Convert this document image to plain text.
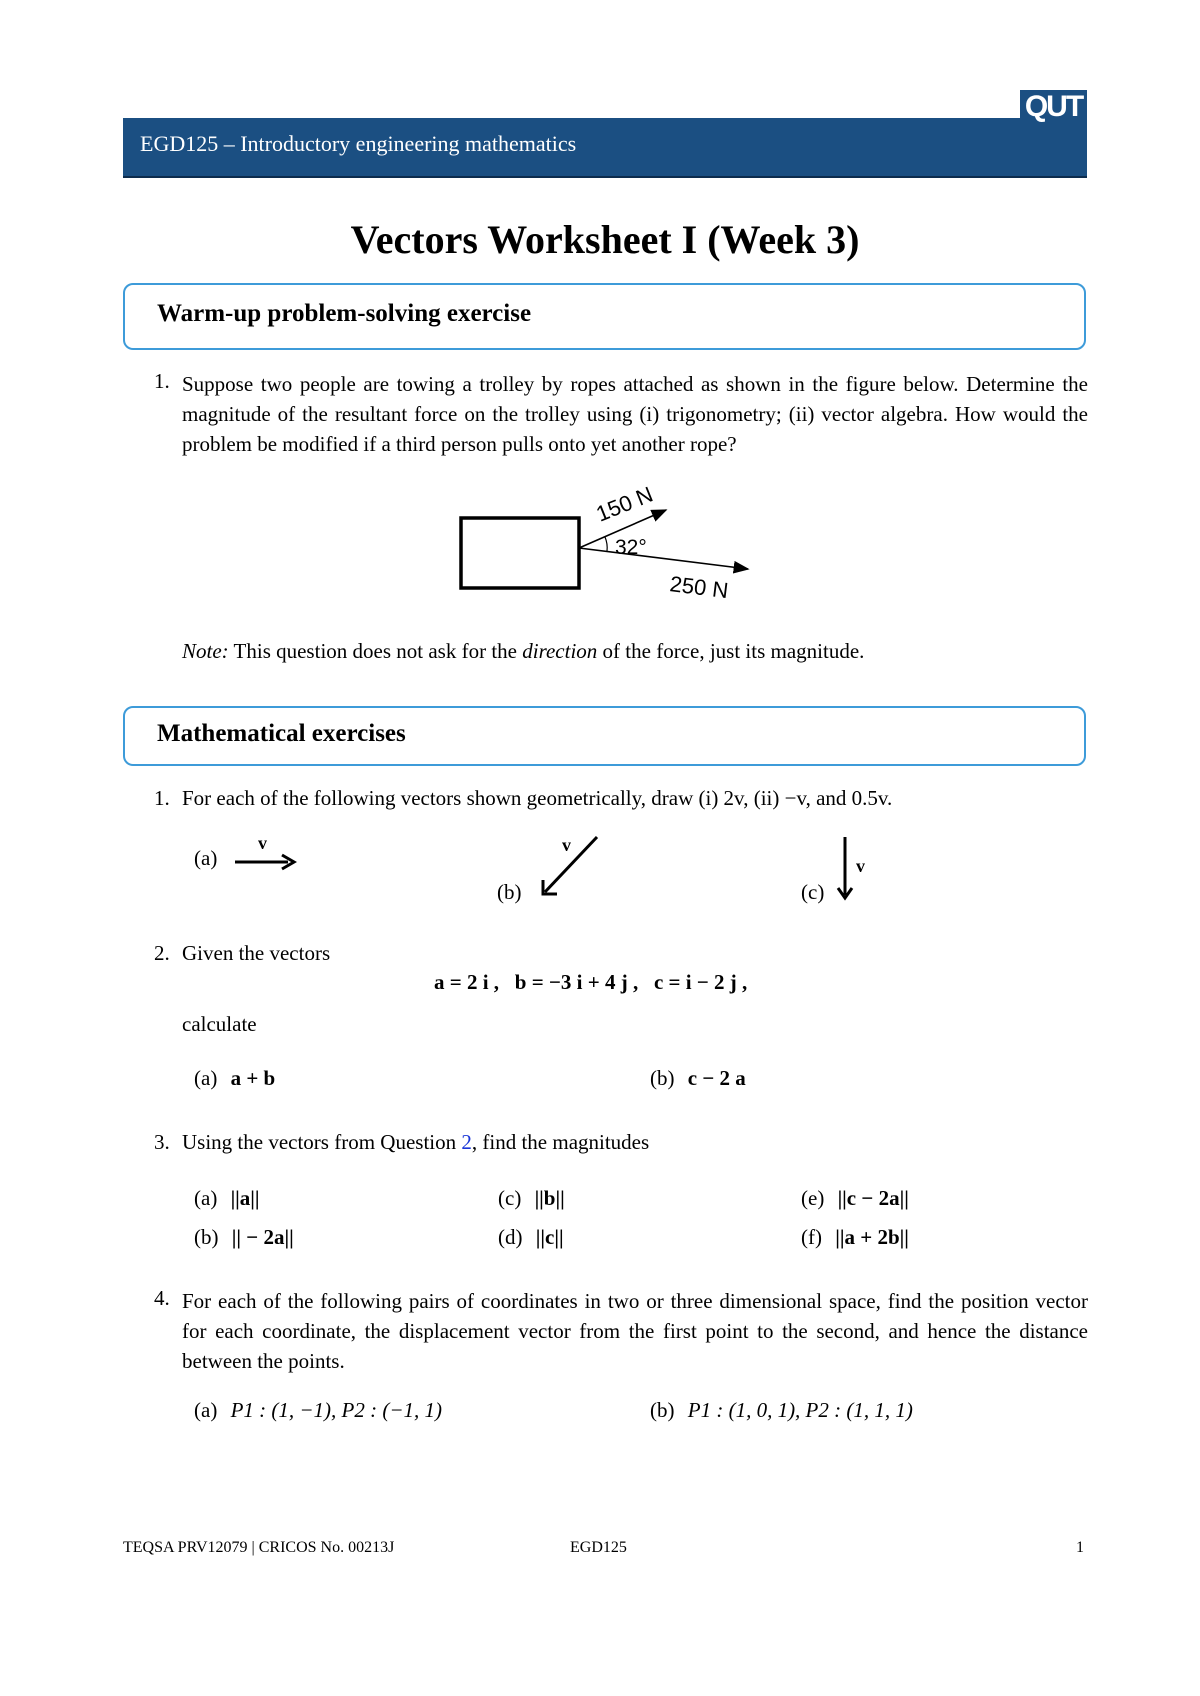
EGD125 – Introductory engineering mathematics
QUT
Vectors Worksheet I (Week 3)
Warm-up problem-solving exercise
1. Suppose two people are towing a trolley by ropes attached as shown in the figure below. Determine the magnitude of the resultant force on the trolley using (i) trigonometry; (ii) vector algebra. How would the problem be modified if a third person pulls onto yet another rope?
150 N
32°
250 N
Note: This question does not ask for the direction of the force, just its magnitude.
Mathematical exercises
1. For each of the following vectors shown geometrically, draw (i) 2v, (ii) −v, and 0.5v.
(a)
v
(b)
v
(c)
v
2. Given the vectors
a = 2 i ,   b = −3 i + 4 j ,   c = i − 2 j ,
calculate
(a) a + b	(b) c − 2 a
3. Using the vectors from Question 2, find the magnitudes
(a) ||a||
(b) || − 2a||
(c) ||b||
(d) ||c||
(e) ||c − 2a||
(f) ||a + 2b||
4. For each of the following pairs of coordinates in two or three dimensional space, find the position vector for each coordinate, the displacement vector from the first point to the second, and hence the distance between the points.
(a) P1 : (1, −1), P2 : (−1, 1)	(b) P1 : (1, 0, 1), P2 : (1, 1, 1)
TEQSA PRV12079 | CRICOS No. 00213J	EGD125	1
